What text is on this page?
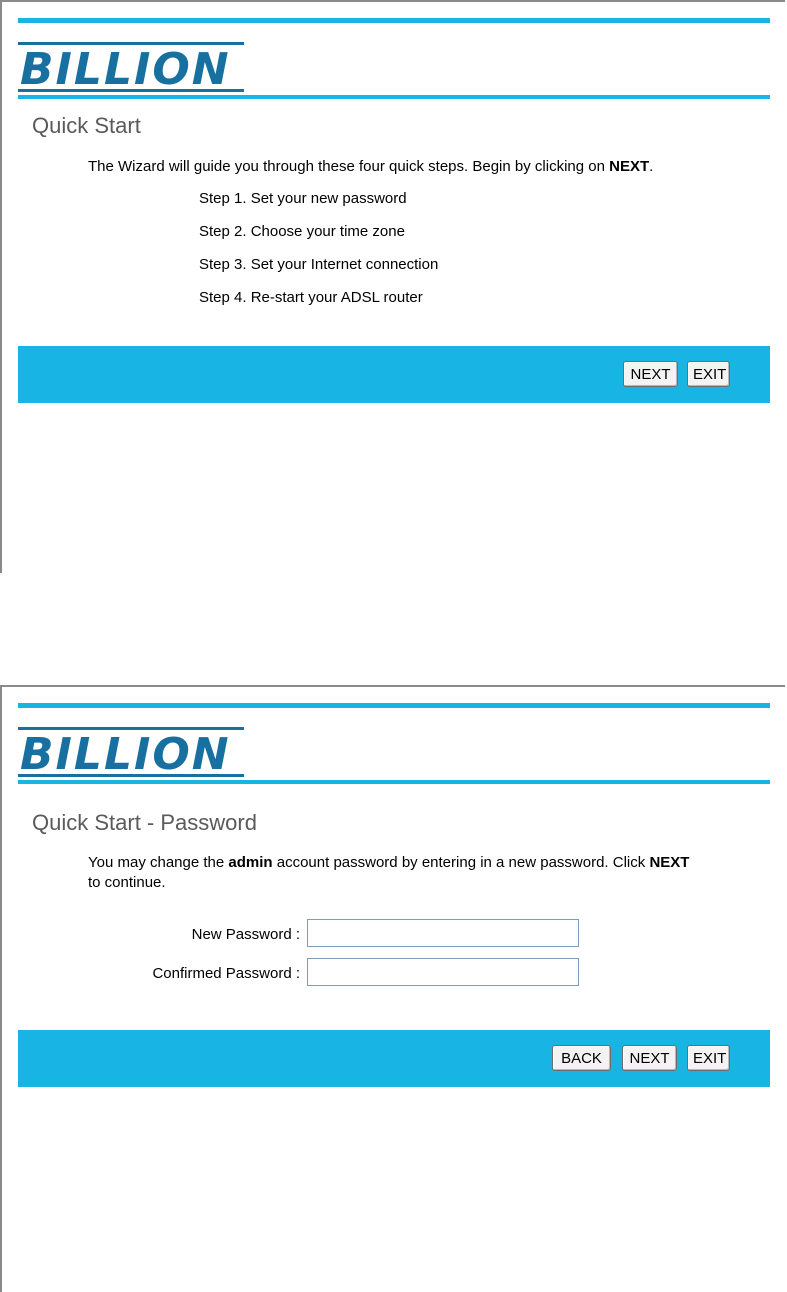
BILLION
Quick Start
The Wizard will guide you through these four quick steps. Begin by clicking on NEXT.
Step 1. Set your new password
Step 2. Choose your time zone
Step 3. Set your Internet connection
Step 4. Re-start your ADSL router
NEXT	EXIT
BILLION
Quick Start - Password
You may change the admin account password by entering in a new password. Click NEXT
to continue.
New Password :
Confirmed Password :
BACK	NEXT	EXIT
